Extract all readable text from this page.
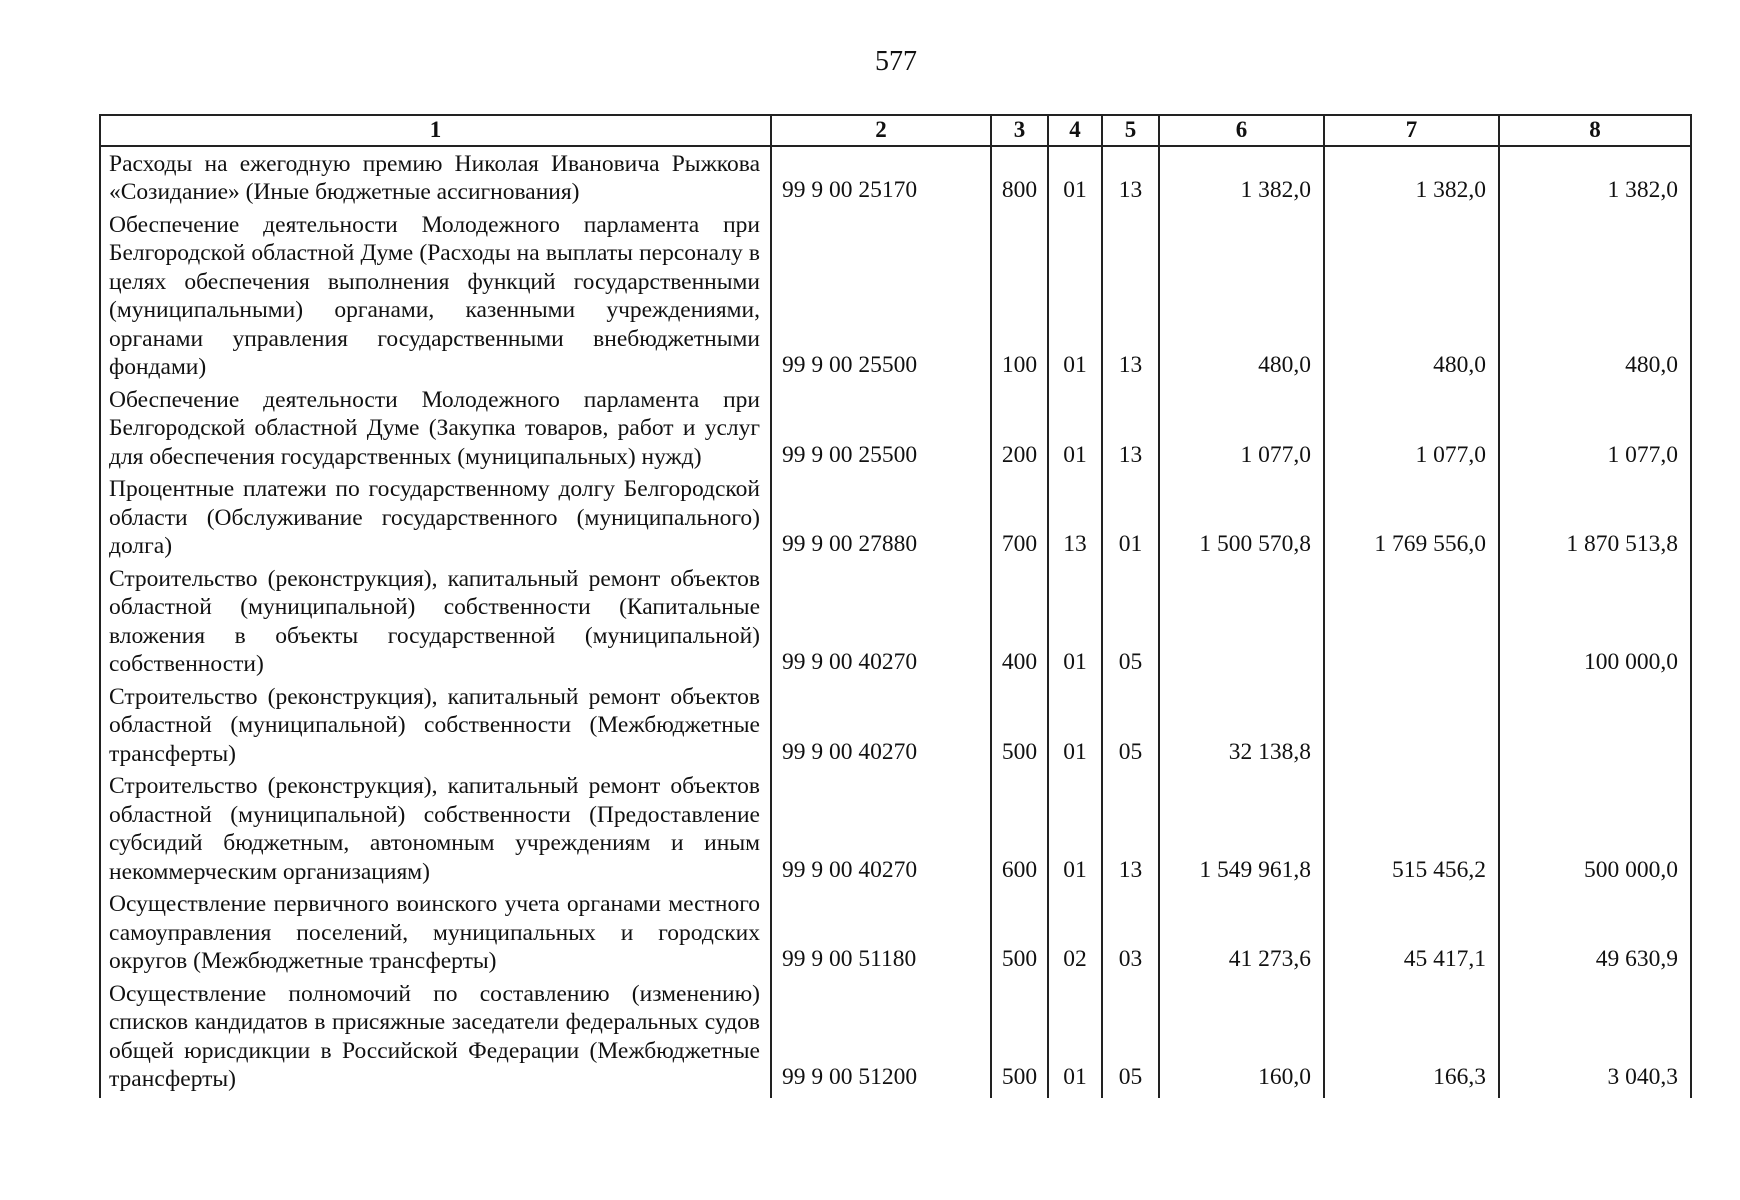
577
1	2	3	4	5	6	7	8
Расходы на ежегодную премию Николая Ивановича Рыжкова «Созидание» (Иные бюджетные ассигнования)	99 9 00 25170	800	01	13	1 382,0	1 382,0	1 382,0
Обеспечение деятельности Молодежного парламента при Белгородской областной Думе (Расходы на выплаты персоналу в целях обеспечения выполнения функций государственными (муниципальными) органами, казенными учреждениями, органами управления государственными внебюджетными фондами)	99 9 00 25500	100	01	13	480,0	480,0	480,0
Обеспечение деятельности Молодежного парламента при Белгородской областной Думе (Закупка товаров, работ и услуг для обеспечения государственных (муниципальных) нужд)	99 9 00 25500	200	01	13	1 077,0	1 077,0	1 077,0
Процентные платежи по государственному долгу Белгородской области (Обслуживание государственного (муниципального) долга)	99 9 00 27880	700	13	01	1 500 570,8	1 769 556,0	1 870 513,8
Строительство (реконструкция), капитальный ремонт объектов областной (муниципальной) собственности (Капитальные вложения в объекты государственной (муниципальной) собственности)	99 9 00 40270	400	01	05			100 000,0
Строительство (реконструкция), капитальный ремонт объектов областной (муниципальной) собственности (Межбюджетные трансферты)	99 9 00 40270	500	01	05	32 138,8		
Строительство (реконструкция), капитальный ремонт объектов областной (муниципальной) собственности (Предоставление субсидий бюджетным, автономным учреждениям и иным некоммерческим организациям)	99 9 00 40270	600	01	13	1 549 961,8	515 456,2	500 000,0
Осуществление первичного воинского учета органами местного самоуправления поселений, муниципальных и городских округов (Межбюджетные трансферты)	99 9 00 51180	500	02	03	41 273,6	45 417,1	49 630,9
Осуществление полномочий по составлению (изменению) списков кандидатов в присяжные заседатели федеральных судов общей юрисдикции в Российской Федерации (Межбюджетные трансферты)	99 9 00 51200	500	01	05	160,0	166,3	3 040,3
